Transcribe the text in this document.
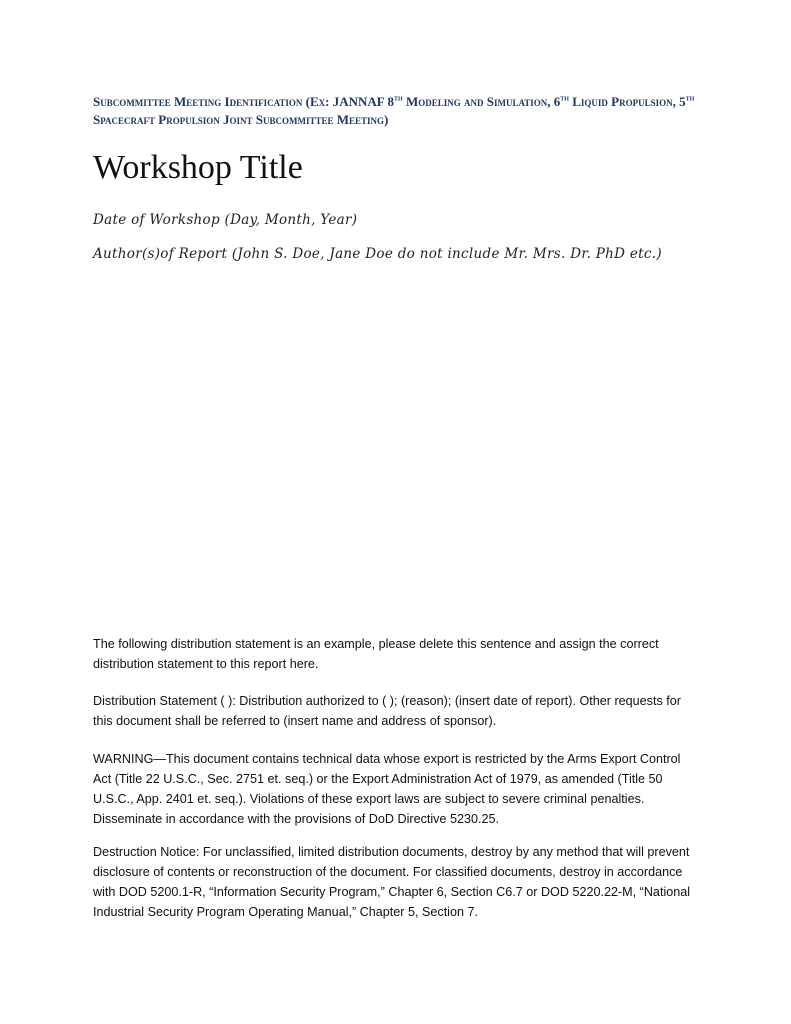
Subcommittee Meeting Identification (Ex: JANNAF 8th Modeling and Simulation, 6th Liquid Propulsion, 5th Spacecraft Propulsion Joint Subcommittee Meeting)
Workshop Title
Date of Workshop (Day, Month, Year)
Author(s)of Report (John S. Doe, Jane Doe do not include Mr. Mrs. Dr. PhD etc.)

The following distribution statement is an example, please delete this sentence and assign the correct distribution statement to this report here.

Distribution Statement ( ): Distribution authorized to ( ); (reason); (insert date of report). Other requests for this document shall be referred to (insert name and address of sponsor).

WARNING—This document contains technical data whose export is restricted by the Arms Export Control Act (Title 22 U.S.C., Sec. 2751 et. seq.) or the Export Administration Act of 1979, as amended (Title 50 U.S.C., App. 2401 et. seq.). Violations of these export laws are subject to severe criminal penalties. Disseminate in accordance with the provisions of DoD Directive 5230.25.

Destruction Notice: For unclassified, limited distribution documents, destroy by any method that will prevent disclosure of contents or reconstruction of the document. For classified documents, destroy in accordance with DOD 5200.1-R, “Information Security Program,” Chapter 6, Section C6.7 or DOD 5220.22-M, “National Industrial Security Program Operating Manual,” Chapter 5, Section 7.
